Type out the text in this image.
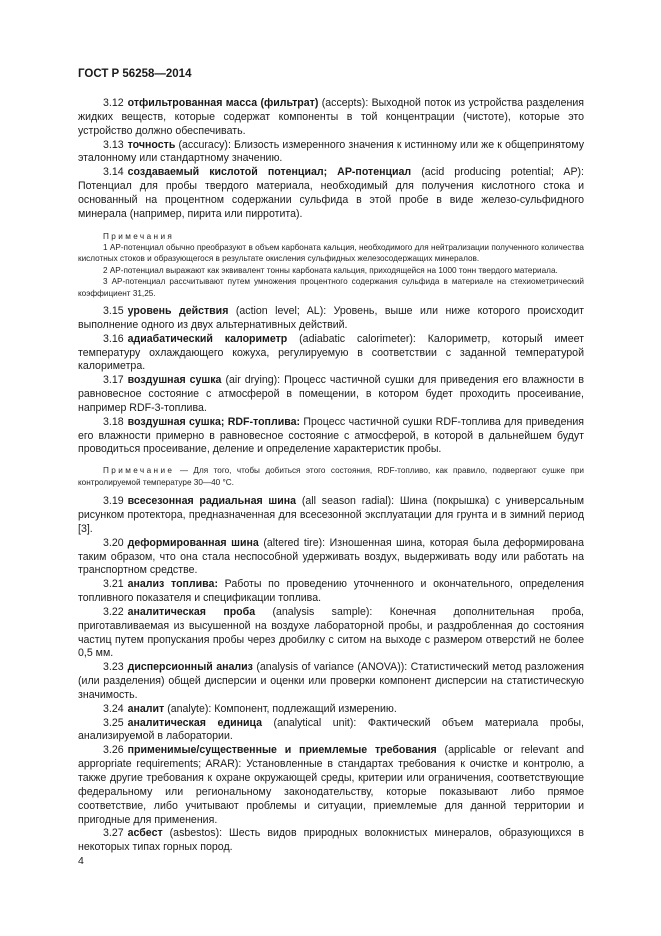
ГОСТ Р 56258—2014

3.12 отфильтрованная масса (фильтрат) (accepts): Выходной поток из устройства разделения жидких веществ, которые содержат компоненты в той концентрации (чистоте), которые это устройство должно обеспечивать.

3.13 точность (accuracy): Близость измеренного значения к истинному или же к общепринятому эталонному или стандартному значению.

3.14 создаваемый кислотой потенциал; АР-потенциал (acid producing potential; AP): Потенциал для пробы твердого материала, необходимый для получения кислотного стока и основанный на процентном содержании сульфида в этой пробе в виде железо-сульфидного минерала (например, пирита или пирротита).

Примечания

1 АР-потенциал обычно преобразуют в объем карбоната кальция, необходимого для нейтрализации полученного количества кислотных стоков и образующегося в результате окисления сульфидных железосодержащих минералов.

2 АР-потенциал выражают как эквивалент тонны карбоната кальция, приходящейся на 1000 тонн твердого материала.

3 АР-потенциал рассчитывают путем умножения процентного содержания сульфида в материале на стехиометрический коэффициент 31,25.

3.15 уровень действия (action level; AL): Уровень, выше или ниже которого происходит выполнение одного из двух альтернативных действий.

3.16 адиабатический калориметр (adiabatic calorimeter): Калориметр, который имеет температуру охлаждающего кожуха, регулируемую в соответствии с заданной температурой калориметра.

3.17 воздушная сушка (air drying): Процесс частичной сушки для приведения его влажности в равновесное состояние с атмосферой в помещении, в котором будет проходить просеивание, например RDF-3-топлива.

3.18 воздушная сушка; RDF-топлива: Процесс частичной сушки RDF-топлива для приведения его влажности примерно в равновесное состояние с атмосферой, в которой в дальнейшем будут проводиться просеивание, деление и определение характеристик пробы.

Примечание — Для того, чтобы добиться этого состояния, RDF-топливо, как правило, подвергают сушке при контролируемой температуре 30—40 °С.

3.19 всесезонная радиальная шина (all season radial): Шина (покрышка) с универсальным рисунком протектора, предназначенная для всесезонной эксплуатации для грунта и в зимний период [3].

3.20 деформированная шина (altered tire): Изношенная шина, которая была деформирована таким образом, что она стала неспособной удерживать воздух, выдерживать воду или работать на транспортном средстве.

3.21 анализ топлива: Работы по проведению уточненного и окончательного, определения топливного показателя и спецификации топлива.

3.22 аналитическая проба (analysis sample): Конечная дополнительная проба, приготавливаемая из высушенной на воздухе лабораторной пробы, и раздробленная до состояния частиц путем пропускания пробы через дробилку с ситом на выходе с размером отверстий не более 0,5 мм.

3.23 дисперсионный анализ (analysis of variance (ANOVA)): Статистический метод разложения (или разделения) общей дисперсии и оценки или проверки компонент дисперсии на статистическую значимость.

3.24 аналит (analyte): Компонент, подлежащий измерению.

3.25 аналитическая единица (analytical unit): Фактический объем материала пробы, анализируемой в лаборатории.

3.26 применимые/существенные и приемлемые требования (applicable or relevant and appropriate requirements; ARAR): Установленные в стандартах требования к очистке и контролю, а также другие требования к охране окружающей среды, критерии или ограничения, соответствующие федеральному или региональному законодательству, которые показывают либо прямое соответствие, либо учитывают проблемы и ситуации, приемлемые для данной территории и пригодные для применения.

3.27 асбест (asbestos): Шесть видов природных волокнистых минералов, образующихся в некоторых типах горных пород.

4
